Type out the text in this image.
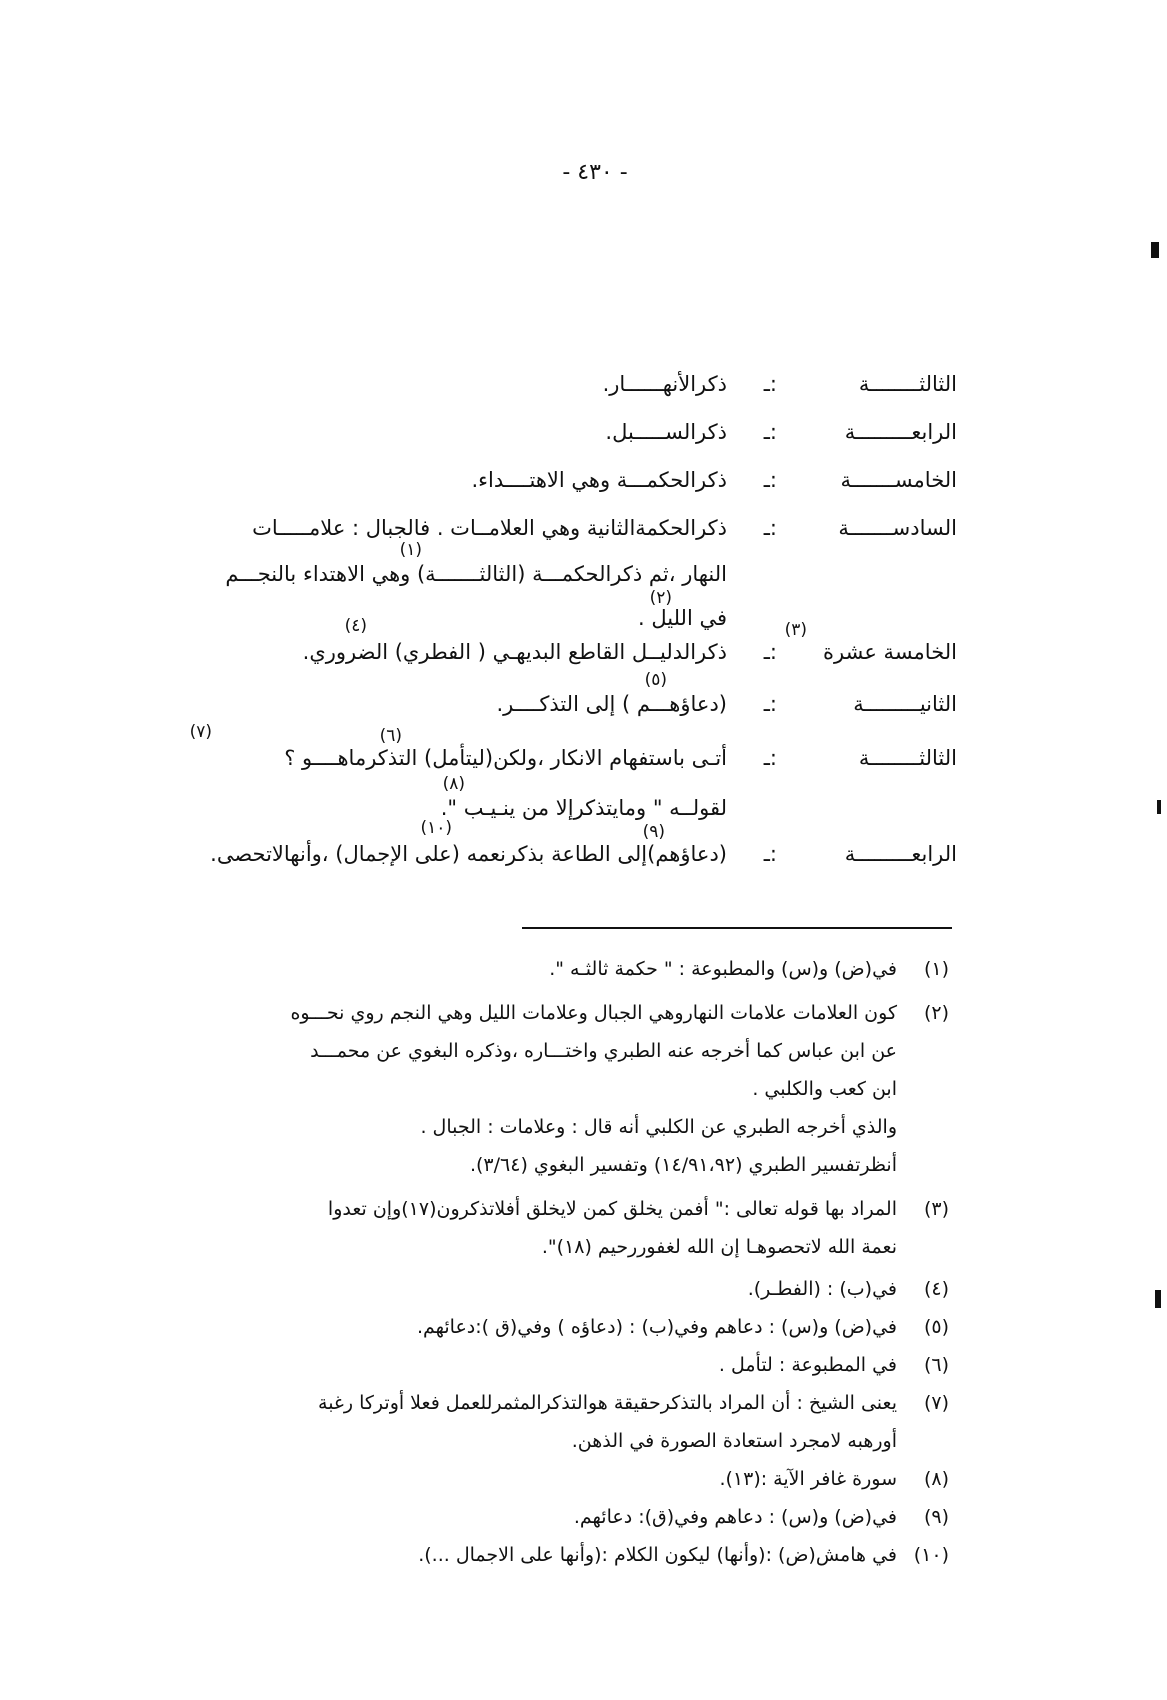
- ٤٣٠ -
الثالثــــــــة
:ـ
ذكرالأنهــــــار.
الرابعـــــــــة
:ـ
ذكرالســـــبل.
الخامســـــــة
:ـ
ذكرالحكمـــة وهي الاهتــــداء.
السادســـــــة
:ـ
ذكرالحكمةالثانية وهي العلامــات . فالجبال : علامـــــات
النهار ،ثم ذكرالحكمـــة (الثالثـــــــة) وهي الاهتداء بالنجـــم
في الليل .
(١)
(٢)
الخامسة عشرة
:ـ
ذكرالدليــل القاطع البديهـي ( الفطري) الضروري.
(٣)
(٤)
الثانيـــــــــة
:ـ
(دعاؤهـــم ) إلى التذكــــر.
(٥)
الثالثــــــــة
:ـ
أتـى باستفهام الانكار ،ولكن(ليتأمل) التذكرماهــــو ؟
لقولــه " ومايتذكرإلا من ينـيـب ".
(٦)
(٧)
(٨)
الرابعـــــــــة
:ـ
(دعاؤهم)إلى الطاعة بذكرنعمه (على الإجمال) ،وأنهالاتحصى.
(٩)
(١٠)
(١)
في(ض) و(س) والمطبوعة : " حكمة ثالثـه ".
(٢)
كون العلامات علامات النهاروهي الجبال وعلامات الليل وهي النجم روي نحـــوه
عن ابن عباس كما أخرجه عنه الطبري واختـــاره ،وذكره البغوي عن محمـــد
ابن كعب والكلبي .
والذي أخرجه الطبري عن الكلبي أنه قال : وعلامات : الجبال .
أنظرتفسير الطبري (١٤/٩١،٩٢) وتفسير البغوي (٣/٦٤).
(٣)
المراد بها قوله تعالى :" أفمن يخلق كمن لايخلق أفلاتذكرون(١٧)وإن تعدوا
نعمة الله لاتحصوهـا إن الله لغفوررحيم (١٨)".
(٤)
في(ب) : (الفطـر).
(٥)
في(ض) و(س) : دعاهم وفي(ب) : (دعاؤه ) وفي(ق ):دعائهم.
(٦)
في المطبوعة : لتأمل .
(٧)
يعنى الشيخ : أن المراد بالتذكرحقيقة هوالتذكرالمثمرللعمل فعلا أوتركا رغبة
أورهبه لامجرد استعادة الصورة في الذهن.
(٨)
سورة غافر الآية :(١٣).
(٩)
في(ض) و(س) : دعاهم وفي(ق): دعائهم.
(١٠)
في هامش(ض) :(وأنها) ليكون الكلام :(وأنها على الاجمال ...).
